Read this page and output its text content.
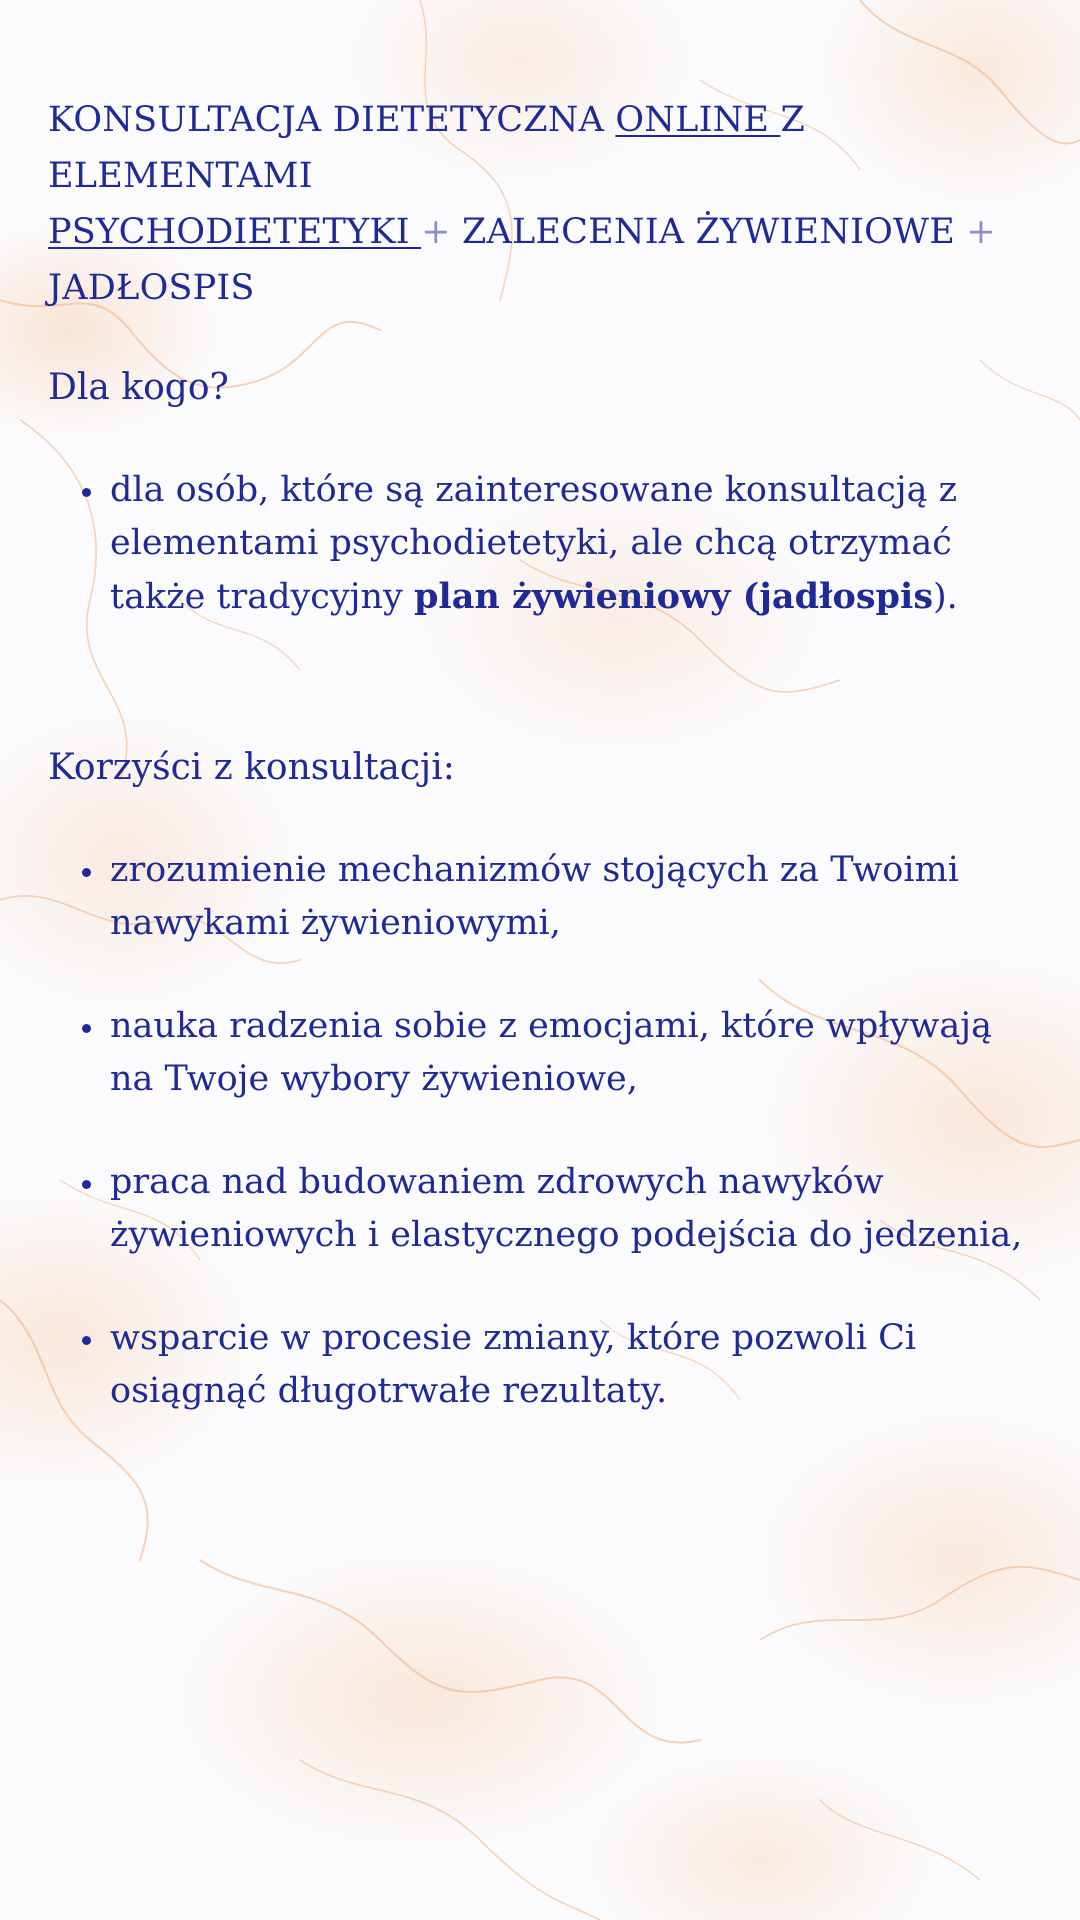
KONSULTACJA DIETETYCZNA ONLINE Z ELEMENTAMI
PSYCHODIETETYKI + ZALECENIA ŻYWIENIOWE +
JADŁOSPIS
Dla kogo?
dla osób, które są zainteresowane konsultacją z elementami psychodietetyki, ale chcą otrzymać także tradycyjny plan żywieniowy (jadłospis).
Korzyści z konsultacji:
zrozumienie mechanizmów stojących za Twoimi nawykami żywieniowymi,
nauka radzenia sobie z emocjami, które wpływają na Twoje wybory żywieniowe,
praca nad budowaniem zdrowych nawyków żywieniowych i elastycznego podejścia do jedzenia,
wsparcie w procesie zmiany, które pozwoli Ci osiągnąć długotrwałe rezultaty.
